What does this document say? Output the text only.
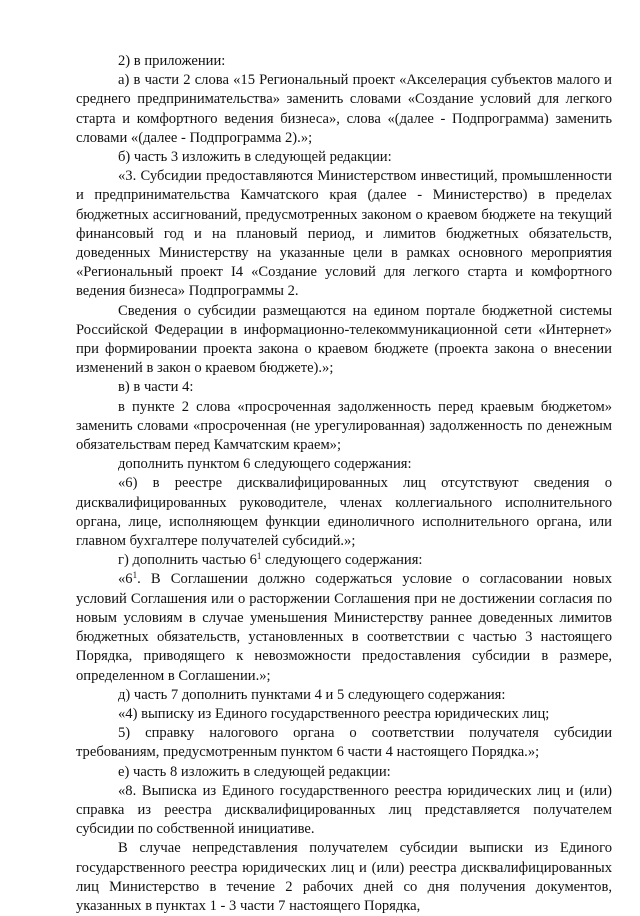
2) в приложении:

а) в части 2 слова «15 Региональный проект «Акселерация субъектов малого и среднего предпринимательства» заменить словами «Создание условий для легкого старта и комфортного ведения бизнеса», слова «(далее - Подпрограмма) заменить словами «(далее - Подпрограмма 2).»;

б) часть 3 изложить в следующей редакции:

«3. Субсидии предоставляются Министерством инвестиций, промышленности и предпринимательства Камчатского края (далее - Министерство) в пределах бюджетных ассигнований, предусмотренных законом о краевом бюджете на текущий финансовый год и на плановый период, и лимитов бюджетных обязательств, доведенных Министерству на указанные цели в рамках основного мероприятия «Региональный проект I4 «Создание условий для легкого старта и комфортного ведения бизнеса» Подпрограммы 2.

Сведения о субсидии размещаются на едином портале бюджетной системы Российской Федерации в информационно-телекоммуникационной сети «Интернет» при формировании проекта закона о краевом бюджете (проекта закона о внесении изменений в закон о краевом бюджете).»;

в) в части 4:

в пункте 2 слова «просроченная задолженность перед краевым бюджетом» заменить словами «просроченная (не урегулированная) задолженность по денежным обязательствам перед Камчатским краем»;

дополнить пунктом 6 следующего содержания:

«6) в реестре дисквалифицированных лиц отсутствуют сведения о дисквалифицированных руководителе, членах коллегиального исполнительного органа, лице, исполняющем функции единоличного исполнительного органа, или главном бухгалтере получателей субсидий.»;

г) дополнить частью $6^1$ следующего содержания:

«$6^1$. В Соглашении должно содержаться условие о согласовании новых условий Соглашения или о расторжении Соглашения при не достижении согласия по новым условиям в случае уменьшения Министерству раннее доведенных лимитов бюджетных обязательств, установленных в соответствии с частью 3 настоящего Порядка, приводящего к невозможности предоставления субсидии в размере, определенном в Соглашении.»;

д) часть 7 дополнить пунктами 4 и 5 следующего содержания:

«4) выписку из Единого государственного реестра юридических лиц;

5) справку налогового органа о соответствии получателя субсидии требованиям, предусмотренным пунктом 6 части 4 настоящего Порядка.»;

е) часть 8 изложить в следующей редакции:

«8. Выписка из Единого государственного реестра юридических лиц и (или) справка из реестра дисквалифицированных лиц представляется получателем субсидии по собственной инициативе.

В случае непредставления получателем субсидии выписки из Единого государственного реестра юридических лиц и (или) реестра дисквалифицированных лиц Министерство в течение 2 рабочих дней со дня получения документов, указанных в пунктах 1 - 3 части 7 настоящего Порядка,
